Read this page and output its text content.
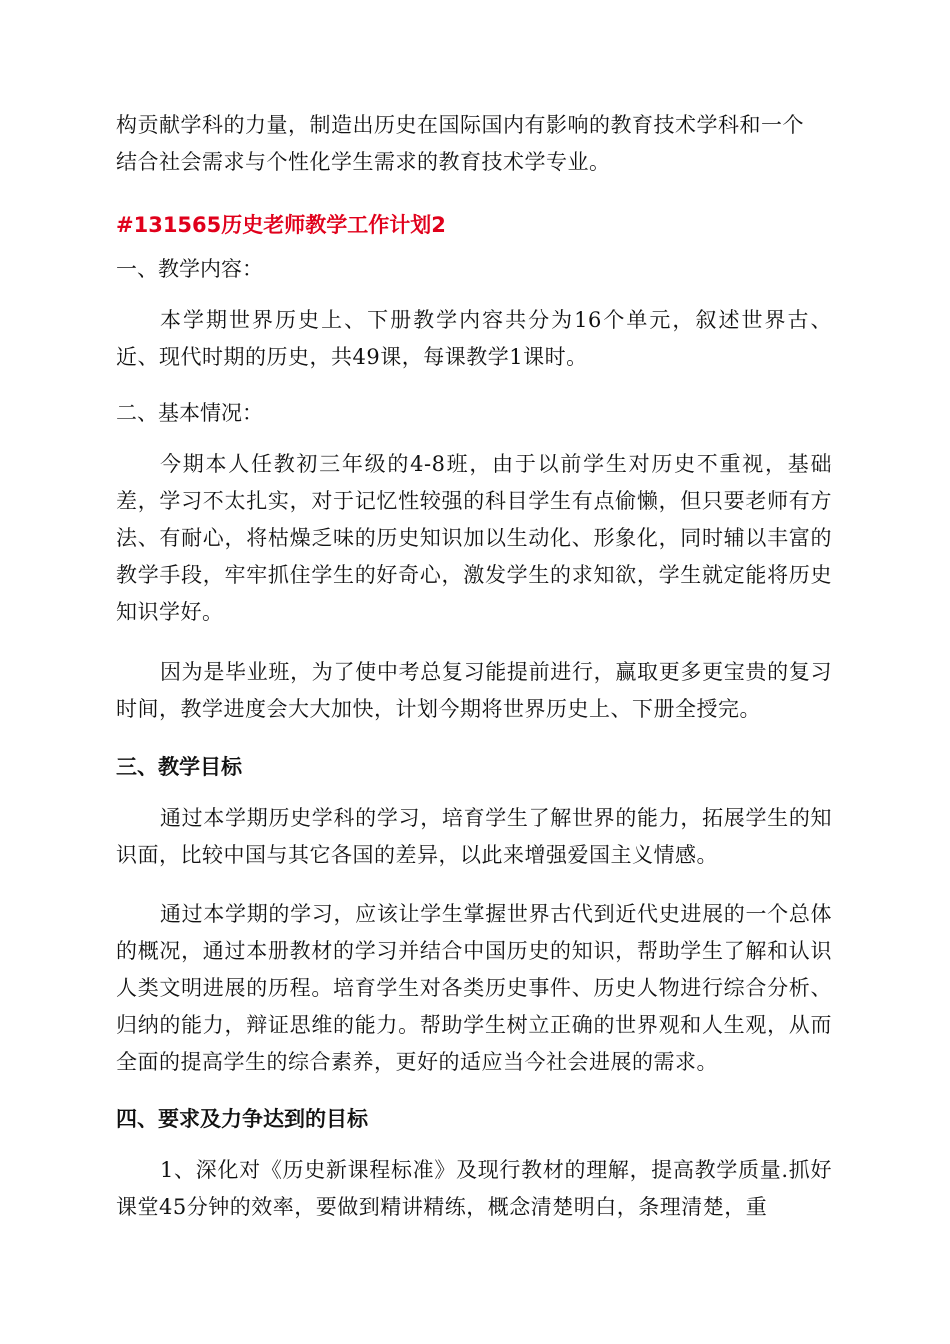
构贡献学科的力量，制造出历史在国际国内有影响的教育技术学科和一个

结合社会需求与个性化学生需求的教育技术学专业。

#131565历史老师教学工作计划2

一、教学内容：

本学期世界历史上、下册教学内容共分为16个单元，叙述世界古、近、现代时期的历史，共49课，每课教学1课时。

二、基本情况：

今期本人任教初三年级的4-8班，由于以前学生对历史不重视，基础差，学习不太扎实，对于记忆性较强的科目学生有点偷懒，但只要老师有方法、有耐心，将枯燥乏味的历史知识加以生动化、形象化，同时辅以丰富的教学手段，牢牢抓住学生的好奇心，激发学生的求知欲，学生就定能将历史知识学好。

因为是毕业班，为了使中考总复习能提前进行，赢取更多更宝贵的复习时间，教学进度会大大加快，计划今期将世界历史上、下册全授完。

三、教学目标

通过本学期历史学科的学习，培育学生了解世界的能力，拓展学生的知识面，比较中国与其它各国的差异，以此来增强爱国主义情感。

通过本学期的学习，应该让学生掌握世界古代到近代史进展的一个总体的概况，通过本册教材的学习并结合中国历史的知识，帮助学生了解和认识人类文明进展的历程。培育学生对各类历史事件、历史人物进行综合分析、归纳的能力，辩证思维的能力。帮助学生树立正确的世界观和人生观，从而全面的提高学生的综合素养，更好的适应当今社会进展的需求。

四、要求及力争达到的目标

1、深化对《历史新课程标准》及现行教材的理解，提高教学质量.抓好课堂45分钟的效率，要做到精讲精练，概念清楚明白，条理清楚，重
